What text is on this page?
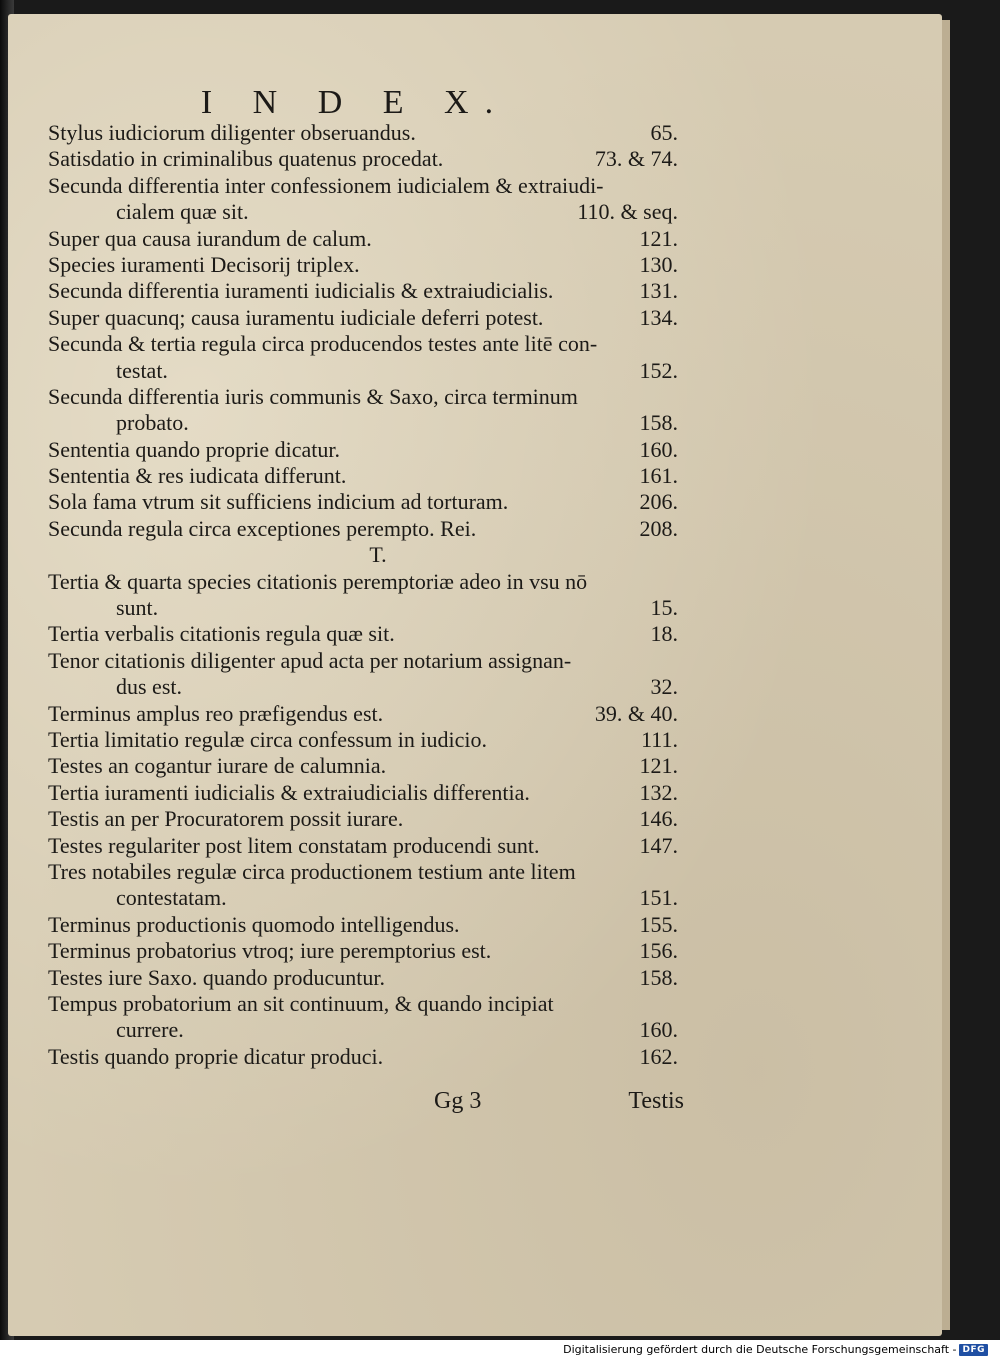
I N D E X.
Stylus iudiciorum diligenter obseruandus.	65.
Satisdatio in criminalibus quatenus procedat.	73. & 74.
Secunda differentia inter confessionem iudicialem & extraiudi-
cialem quæ sit.	110. & seq.
Super qua causa iurandum de calum.	121.
Species iuramenti Decisorij triplex.	130.
Secunda differentia iuramenti iudicialis & extraiudicialis.	131.
Super quacunq; causa iuramentu iudiciale deferri potest.	134.
Secunda & tertia regula circa producendos testes ante litē con-
testat.	152.
Secunda differentia iuris communis & Saxo, circa terminum
probato.	158.
Sententia quando proprie dicatur.	160.
Sententia & res iudicata differunt.	161.
Sola fama vtrum sit sufficiens indicium ad torturam.	206.
Secunda regula circa exceptiones perempto. Rei.	208.
T.
Tertia & quarta species citationis peremptoriæ adeo in vsu nō
sunt.	15.
Tertia verbalis citationis regula quæ sit.	18.
Tenor citationis diligenter apud acta per notarium assignan-
dus est.	32.
Terminus amplus reo præfigendus est.	39. & 40.
Tertia limitatio regulæ circa confessum in iudicio.	111.
Testes an cogantur iurare de calumnia.	121.
Tertia iuramenti iudicialis & extraiudicialis differentia.	132.
Testis an per Procuratorem possit iurare.	146.
Testes regulariter post litem constatam producendi sunt.	147.
Tres notabiles regulæ circa productionem testium ante litem
contestatam.	151.
Terminus productionis quomodo intelligendus.	155.
Terminus probatorius vtroq; iure peremptorius est.	156.
Testes iure Saxo. quando producuntur.	158.
Tempus probatorium an sit continuum, & quando incipiat
currere.	160.
Testis quando proprie dicatur produci.	162.
Gg 3	Testis
Digitalisierung gefördert durch die Deutsche Forschungsgemeinschaft - DFG
